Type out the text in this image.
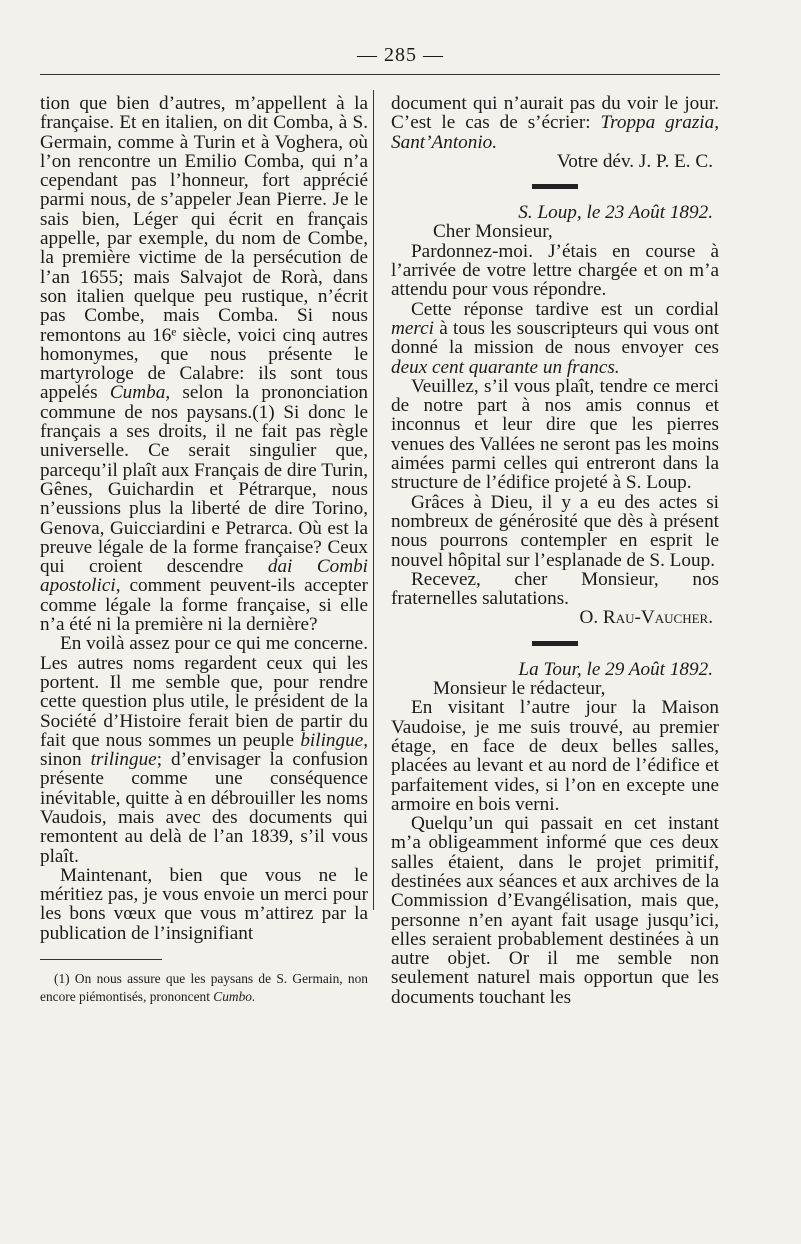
— 285 —

tion que bien d’autres, m’appellent à la française. Et en italien, on dit Comba, à S. Germain, comme à Turin et à Voghera, où l’on rencontre un Emilio Comba, qui n’a cependant pas l’honneur, fort apprécié parmi nous, de s’appeler Jean Pierre. Je le sais bien, Léger qui écrit en français appelle, par exemple, du nom de Combe, la première victime de la persécution de l’an 1655; mais Salvajot de Rorà, dans son italien quelque peu rustique, n’écrit pas Combe, mais Comba. Si nous remontons au 16ᵉ siècle, voici cinq autres homonymes, que nous présente le martyrologe de Calabre: ils sont tous appelés Cumba, selon la prononciation commune de nos paysans.(1) Si donc le français a ses droits, il ne fait pas règle universelle. Ce serait singulier que, parcequ’il plaît aux Français de dire Turin, Gênes, Guichardin et Pétrarque, nous n’eussions plus la liberté de dire Torino, Genova, Guicciardini e Petrarca. Où est la preuve légale de la forme française? Ceux qui croient descendre dai Combi apostolici, comment peuvent-ils accepter comme légale la forme française, si elle n’a été ni la première ni la dernière?

En voilà assez pour ce qui me concerne. Les autres noms regardent ceux qui les portent. Il me semble que, pour rendre cette question plus utile, le président de la Société d’Histoire ferait bien de partir du fait que nous sommes un peuple bilingue, sinon trilingue; d’envisager la confusion présente comme une conséquence inévitable, quitte à en débrouiller les noms Vaudois, mais avec des documents qui remontent au delà de l’an 1839, s’il vous plaît.

Maintenant, bien que vous ne le méritiez pas, je vous envoie un merci pour les bons vœux que vous m’attirez par la publication de l’insignifiant

(1) On nous assure que les paysans de S. Germain, non encore piémontisés, prononcent Cumbo.

document qui n’aurait pas du voir le jour. C’est le cas de s’écrier: Troppa grazia, Sant’Antonio.

Votre dév. J. P. E. C.

S. Loup, le 23 Août 1892.

Cher Monsieur,

Pardonnez-moi. J’étais en course à l’arrivée de votre lettre chargée et on m’a attendu pour vous répondre.

Cette réponse tardive est un cordial merci à tous les souscripteurs qui vous ont donné la mission de nous envoyer ces deux cent quarante un francs.

Veuillez, s’il vous plaît, tendre ce merci de notre part à nos amis connus et inconnus et leur dire que les pierres venues des Vallées ne seront pas les moins aimées parmi celles qui entreront dans la structure de l’édifice projeté à S. Loup.

Grâces à Dieu, il y a eu des actes si nombreux de générosité que dès à présent nous pourrons contempler en esprit le nouvel hôpital sur l’esplanade de S. Loup.

Recevez, cher Monsieur, nos fraternelles salutations.

O. Rau-Vaucher.

La Tour, le 29 Août 1892.

Monsieur le rédacteur,

En visitant l’autre jour la Maison Vaudoise, je me suis trouvé, au premier étage, en face de deux belles salles, placées au levant et au nord de l’édifice et parfaitement vides, si l’on en excepte une armoire en bois verni.

Quelqu’un qui passait en cet instant m’a obligeamment informé que ces deux salles étaient, dans le projet primitif, destinées aux séances et aux archives de la Commission d’Evangélisation, mais que, personne n’en ayant fait usage jusqu’ici, elles seraient probablement destinées à un autre objet. Or il me semble non seulement naturel mais opportun que les documents touchant les
